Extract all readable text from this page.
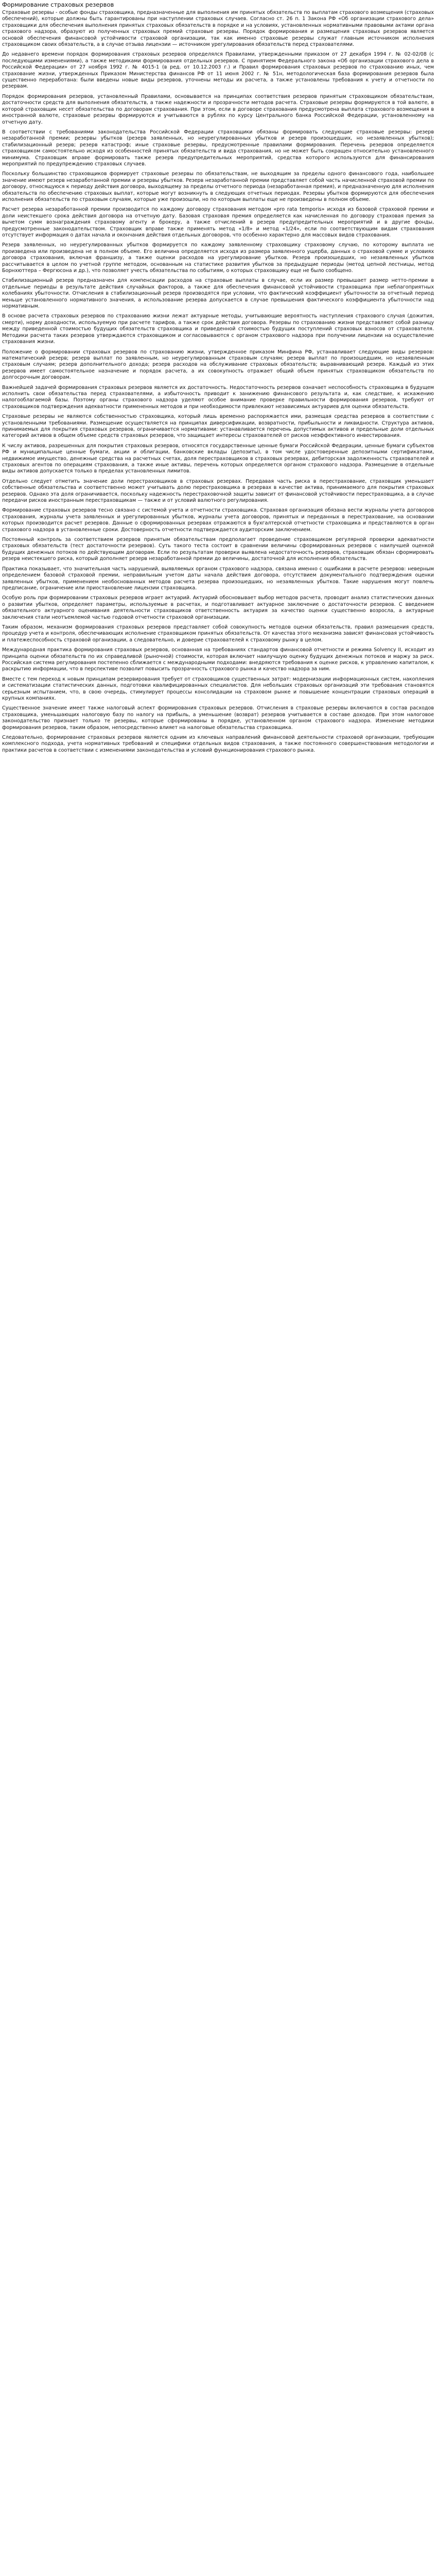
Формирование страховых резервов

Страховые резервы - особые фонды страховщика, предназначенные для выполнения им принятых обязательств по выплатам страхового возмещения (страховых обеспечений), которые должны быть гарантированы при наступлении страховых случаев. Согласно ст. 26 п. 1 Закона РФ «Об организации страхового дела» страховщики для обеспечения выполнения принятых страховых обязательств в порядке и на условиях, установленных нормативными правовыми актами органа страхового надзора, образуют из полученных страховых премий страховые резервы. Порядок формирования и размещения страховых резервов является основой обеспечения финансовой устойчивости страховой организации, так как именно страховые резервы служат главным источником исполнения страховщиком своих обязательств, а в случае отзыва лицензии — источником урегулирования обязательств перед страхователями.

До недавнего времени порядок формирования страховых резервов определялся Правилами, утвержденными приказом от 27 декабря 1994 г. № 02-02/08 (с последующими изменениями), а также методиками формирования отдельных резервов. С принятием Федерального закона «Об организации страхового дела в Российской Федерации» от 27 ноября 1992 г. № 4015-1 (в ред. от 10.12.2003 г.) и Правил формирования страховых резервов по страхованию иных, чем страхование жизни, утвержденных Приказом Министерства финансов РФ от 11 июня 2002 г. № 51н, методологическая база формирования резервов была существенно переработана: были введены новые виды резервов, уточнены методы их расчета, а также установлены требования к учету и отчетности по резервам.

Порядок формирования резервов, установленный Правилами, основывается на принципах соответствия резервов принятым страховщиком обязательствам, достаточности средств для выполнения обязательств, а также надежности и прозрачности методов расчета. Страховые резервы формируются в той валюте, в которой страховщик несет обязательства по договорам страхования. При этом, если в договоре страхования предусмотрена выплата страхового возмещения в иностранной валюте, страховые резервы формируются и учитываются в рублях по курсу Центрального банка Российской Федерации, установленному на отчетную дату.

В соответствии с требованиями законодательства Российской Федерации страховщики обязаны формировать следующие страховые резервы: резерв незаработанной премии; резервы убытков (резерв заявленных, но неурегулированных убытков и резерв произошедших, но незаявленных убытков); стабилизационный резерв; резерв катастроф; иные страховые резервы, предусмотренные правилами формирования. Перечень резервов определяется страховщиком самостоятельно исходя из особенностей принятых обязательств и вида страхования, но не может быть сокращен относительно установленного минимума. Страховщик вправе формировать также резерв предупредительных мероприятий, средства которого используются для финансирования мероприятий по предупреждению страховых случаев.

Поскольку большинство страховщиков формирует страховые резервы по обязательствам, не выходящим за пределы одного финансового года, наибольшее значение имеют резерв незаработанной премии и резервы убытков. Резерв незаработанной премии представляет собой часть начисленной страховой премии по договору, относящуюся к периоду действия договора, выходящему за пределы отчетного периода (незаработанная премия), и предназначенную для исполнения обязательств по обеспечению страховых выплат, которые могут возникнуть в следующих отчетных периодах. Резервы убытков формируются для обеспечения исполнения обязательств по страховым случаям, которые уже произошли, но по которым выплаты еще не произведены в полном объеме.

Расчет резерва незаработанной премии производится по каждому договору страхования методом «pro rata temporis» исходя из базовой страховой премии и доли неистекшего срока действия договора на отчетную дату. Базовая страховая премия определяется как начисленная по договору страховая премия за вычетом сумм вознаграждения страховому агенту и брокеру, а также отчислений в резерв предупредительных мероприятий и в другие фонды, предусмотренные законодательством. Страховщик вправе также применять метод «1/8» и метод «1/24», если по соответствующим видам страхования отсутствует информация о датах начала и окончания действия отдельных договоров, что особенно характерно для массовых видов страхования.

Резерв заявленных, но неурегулированных убытков формируется по каждому заявленному страховщику страховому случаю, по которому выплата не произведена или произведена не в полном объеме. Его величина определяется исходя из размера заявленного ущерба, данных о страховой сумме и условиях договора страхования, включая франшизу, а также оценки расходов на урегулирование убытков. Резерв произошедших, но незаявленных убытков рассчитывается в целом по учетной группе методом, основанным на статистике развития убытков за предыдущие периоды (метод цепной лестницы, метод Борнхюттера – Фергюсона и др.), что позволяет учесть обязательства по событиям, о которых страховщику еще не было сообщено.

Стабилизационный резерв предназначен для компенсации расходов на страховые выплаты в случае, если их размер превышает размер нетто-премии в отдельные периоды в результате действия случайных факторов, а также для обеспечения финансовой устойчивости страховщика при неблагоприятных колебаниях убыточности. Отчисления в стабилизационный резерв производятся при условии, что фактический коэффициент убыточности за отчетный период меньше установленного нормативного значения, а использование резерва допускается в случае превышения фактического коэффициента убыточности над нормативным.

В основе расчета страховых резервов по страхованию жизни лежат актуарные методы, учитывающие вероятность наступления страхового случая (дожития, смерти), норму доходности, используемую при расчете тарифов, а также срок действия договора. Резервы по страхованию жизни представляют собой разницу между приведенной стоимостью будущих обязательств страховщика и приведенной стоимостью будущих поступлений страховых взносов от страхователя. Методики расчета таких резервов утверждаются страховщиком и согласовываются с органом страхового надзора при получении лицензии на осуществление страхования жизни.

Положение о формировании страховых резервов по страхованию жизни, утвержденное приказом Минфина РФ, устанавливает следующие виды резервов: математический резерв; резерв выплат по заявленным, но неурегулированным страховым случаям; резерв выплат по произошедшим, но незаявленным страховым случаям; резерв дополнительного дохода; резерв расходов на обслуживание страховых обязательств; выравнивающий резерв. Каждый из этих резервов имеет самостоятельное назначение и порядок расчета, а их совокупность отражает общий объем принятых страховщиком обязательств по долгосрочным договорам.

Важнейшей задачей формирования страховых резервов является их достаточность. Недостаточность резервов означает неспособность страховщика в будущем исполнить свои обязательства перед страхователями, а избыточность приводит к занижению финансового результата и, как следствие, к искажению налогооблагаемой базы. Поэтому органы страхового надзора уделяют особое внимание проверке правильности формирования резервов, требуют от страховщиков подтверждения адекватности примененных методов и при необходимости привлекают независимых актуариев для оценки обязательств.

Страховые резервы не являются собственностью страховщика, который лишь временно распоряжается ими, размещая средства резервов в соответствии с установленными требованиями. Размещение осуществляется на принципах диверсификации, возвратности, прибыльности и ликвидности. Структура активов, принимаемых для покрытия страховых резервов, ограничивается нормативами: устанавливается перечень допустимых активов и предельные доли отдельных категорий активов в общем объеме средств страховых резервов, что защищает интересы страхователей от рисков неэффективного инвестирования.

К числу активов, разрешенных для покрытия страховых резервов, относятся государственные ценные бумаги Российской Федерации, ценные бумаги субъектов РФ и муниципальные ценные бумаги, акции и облигации, банковские вклады (депозиты), в том числе удостоверенные депозитными сертификатами, недвижимое имущество, денежные средства на расчетных счетах, доля перестраховщиков в страховых резервах, дебиторская задолженность страхователей и страховых агентов по операциям страхования, а также иные активы, перечень которых определяется органом страхового надзора. Размещение в отдельные виды активов допускается только в пределах установленных лимитов.

Отдельно следует отметить значение доли перестраховщиков в страховых резервах. Передавая часть риска в перестрахование, страховщик уменьшает собственные обязательства и соответственно может учитывать долю перестраховщика в резервах в качестве актива, принимаемого для покрытия страховых резервов. Однако эта доля ограничивается, поскольку надежность перестраховочной защиты зависит от финансовой устойчивости перестраховщика, а в случае передачи рисков иностранным перестраховщикам — также и от условий валютного регулирования.

Формирование страховых резервов тесно связано с системой учета и отчетности страховщика. Страховая организация обязана вести журналы учета договоров страхования, журналы учета заявленных и урегулированных убытков, журналы учета договоров, принятых и переданных в перестрахование, на основании которых производится расчет резервов. Данные о сформированных резервах отражаются в бухгалтерской отчетности страховщика и представляются в орган страхового надзора в установленные сроки. Достоверность отчетности подтверждается аудиторским заключением.

Постоянный контроль за соответствием резервов принятым обязательствам предполагает проведение страховщиком регулярной проверки адекватности страховых обязательств (тест достаточности резервов). Суть такого теста состоит в сравнении величины сформированных резервов с наилучшей оценкой будущих денежных потоков по действующим договорам. Если по результатам проверки выявлена недостаточность резервов, страховщик обязан сформировать резерв неистекшего риска, который дополняет резерв незаработанной премии до величины, достаточной для исполнения обязательств.

Практика показывает, что значительная часть нарушений, выявляемых органом страхового надзора, связана именно с ошибками в расчете резервов: неверным определением базовой страховой премии, неправильным учетом даты начала действия договора, отсутствием документального подтверждения оценки заявленных убытков, применением необоснованных методов расчета резерва произошедших, но незаявленных убытков. Такие нарушения могут повлечь предписание, ограничение или приостановление лицензии страховщика.

Особую роль при формировании страховых резервов играет актуарий. Актуарий обосновывает выбор методов расчета, проводит анализ статистических данных о развитии убытков, определяет параметры, используемые в расчетах, и подготавливает актуарное заключение о достаточности резервов. С введением обязательного актуарного оценивания деятельности страховщиков ответственность актуария за качество оценки существенно возросла, а актуарные заключения стали неотъемлемой частью годовой отчетности страховой организации.

Таким образом, механизм формирования страховых резервов представляет собой совокупность методов оценки обязательств, правил размещения средств, процедур учета и контроля, обеспечивающих исполнение страховщиком принятых обязательств. От качества этого механизма зависят финансовая устойчивость и платежеспособность страховой организации, а следовательно, и доверие страхователей к страховому рынку в целом.

Международная практика формирования страховых резервов, основанная на требованиях стандартов финансовой отчетности и режима Solvency II, исходит из принципа оценки обязательств по их справедливой (рыночной) стоимости, которая включает наилучшую оценку будущих денежных потоков и маржу за риск. Российская система регулирования постепенно сближается с международными подходами: внедряются требования к оценке рисков, к управлению капиталом, к раскрытию информации, что в перспективе позволит повысить прозрачность страхового рынка и качество надзора за ним.

Вместе с тем переход к новым принципам резервирования требует от страховщиков существенных затрат: модернизации информационных систем, накопления и систематизации статистических данных, подготовки квалифицированных специалистов. Для небольших страховых организаций эти требования становятся серьезным испытанием, что, в свою очередь, стимулирует процессы консолидации на страховом рынке и повышение концентрации страховых операций в крупных компаниях.

Существенное значение имеет также налоговый аспект формирования страховых резервов. Отчисления в страховые резервы включаются в состав расходов страховщика, уменьшающих налоговую базу по налогу на прибыль, а уменьшение (возврат) резервов учитывается в составе доходов. При этом налоговое законодательство признает только те резервы, которые сформированы в порядке, установленном органом страхового надзора. Изменение методики формирования резервов, таким образом, непосредственно влияет на налоговые обязательства страховщика.

Следовательно, формирование страховых резервов является одним из ключевых направлений финансовой деятельности страховой организации, требующим комплексного подхода, учета нормативных требований и специфики отдельных видов страхования, а также постоянного совершенствования методологии и практики расчетов в соответствии с изменениями законодательства и условий функционирования страхового рынка.
